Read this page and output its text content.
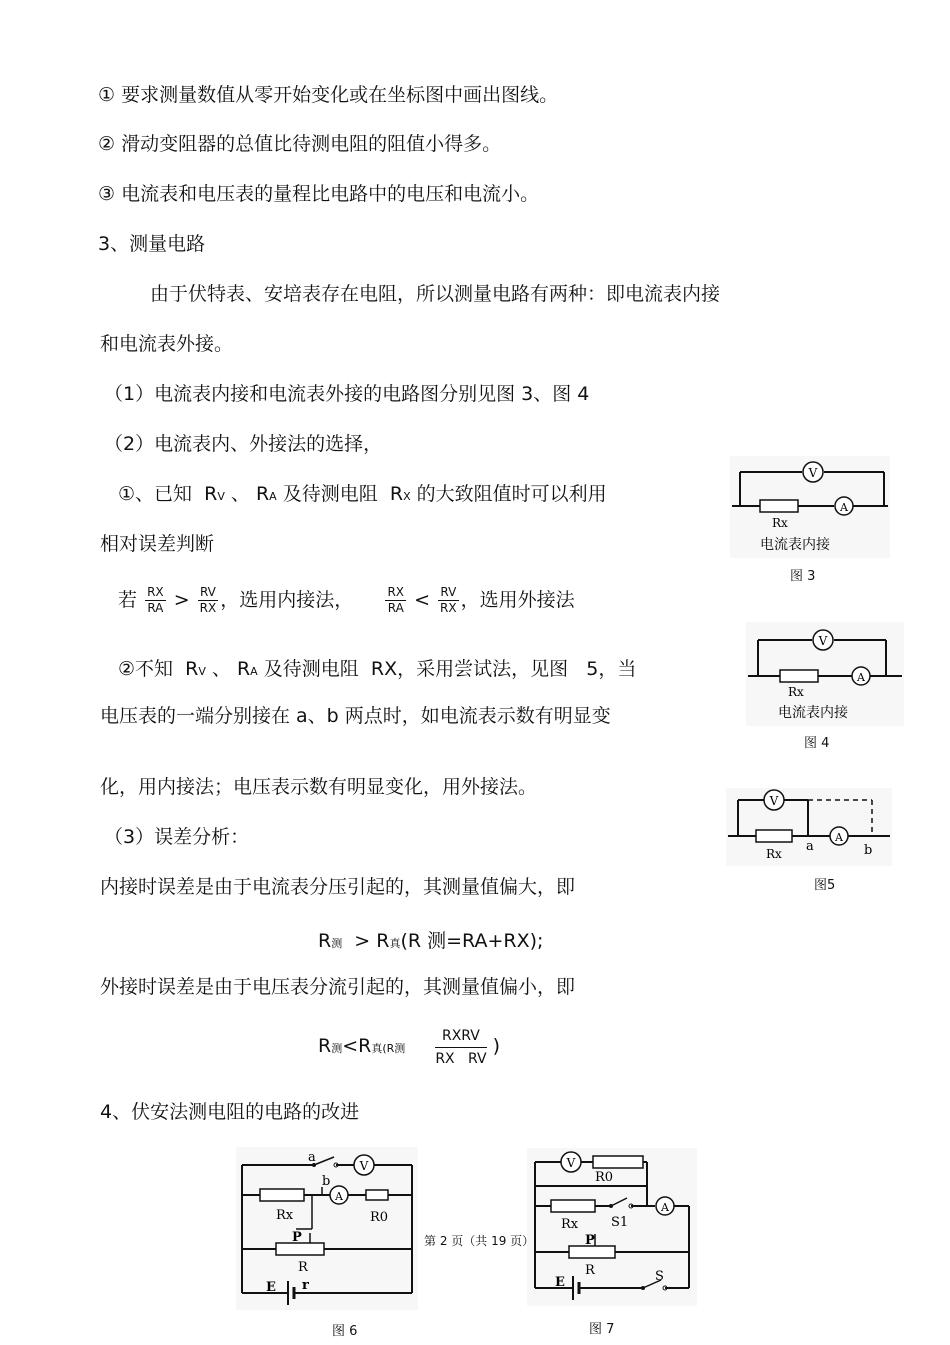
① 要求测量数值从零开始变化或在坐标图中画出图线。
② 滑动变阻器的总值比待测电阻的阻值小得多。
③ 电流表和电压表的量程比电路中的电压和电流小。
3、测量电路
由于伏特表、安培表存在电阻，所以测量电路有两种：即电流表内接
和电流表外接。
（1）电流表内接和电流表外接的电路图分别见图 3、图 4
（2）电流表内、外接法的选择，
①、已知 RV 、 RA 及待测电阻 RX 的大致阻值时可以利用
相对误差判断
若 $\frac{RX}{RA} > \frac{RV}{RX}$ ，选用内接法，	$\frac{RX}{RA} < \frac{RV}{RX}$ ，选用外接法
②不知 RV 、 RA 及待测电阻 RX，采用尝试法，见图 5，当
电压表的一端分别接在 a、b 两点时，如电流表示数有明显变
化，用内接法；电压表示数有明显变化，用外接法。
（3）误差分析：
内接时误差是由于电流表分压引起的，其测量值偏大，即
R测 > R真(R 测=RA+RX);
外接时误差是由于电压表分流引起的，其测量值偏小，即
R测<R真(R测
RXRV
RX   RV
)
4、伏安法测电阻的电路的改进
V
A
Rx
电流表内接
图 3
V
A
Rx
电流表内接
图 4
V
A
Rx a	b
图5
V
a
b
A
Rx	R0
P
R
E r
图 6
V
R0
A
Rx	S1
P
R
E	S
图 7
第 2 页（共 19 页）
